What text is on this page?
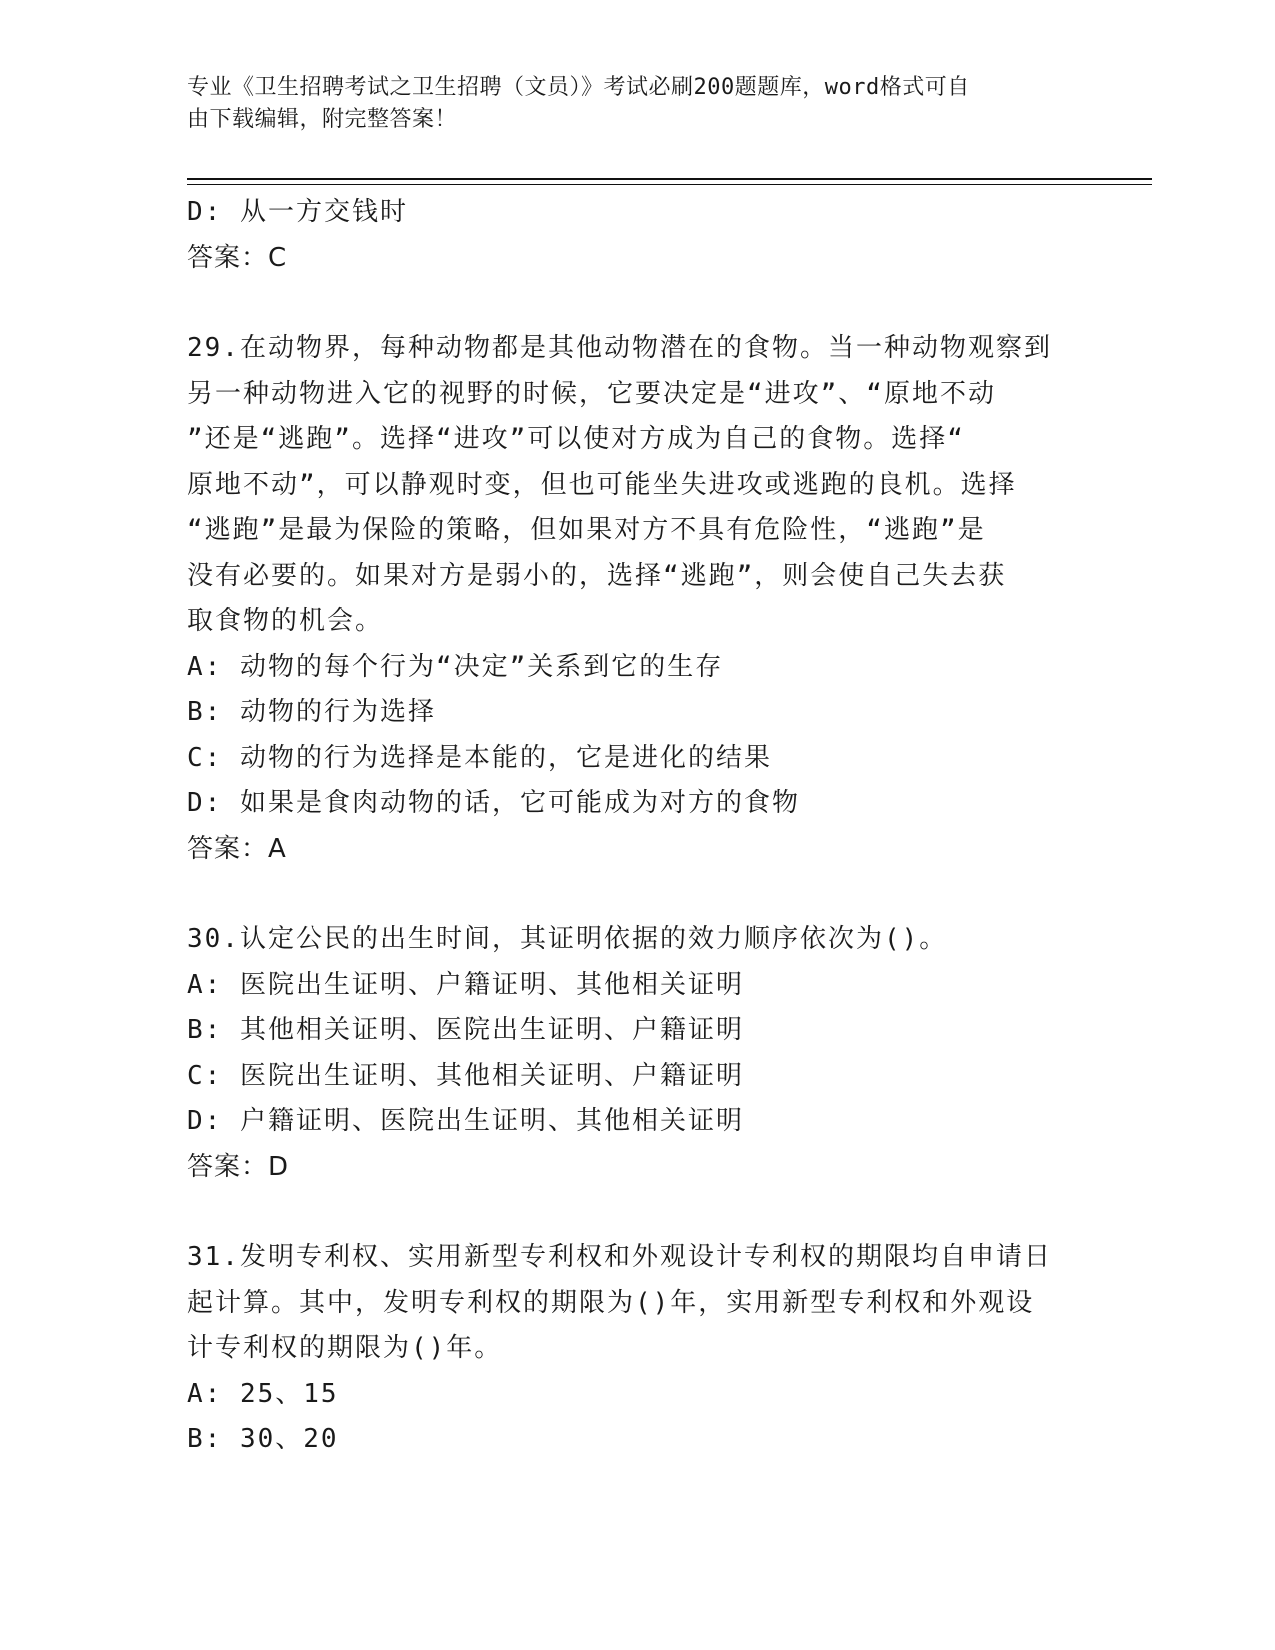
专业《卫生招聘考试之卫生招聘（文员）》考试必刷200题题库，word格式可自
由下载编辑，附完整答案！
D: 从一方交钱时
答案：C
29.在动物界，每种动物都是其他动物潜在的食物。当一种动物观察到
另一种动物进入它的视野的时候，它要决定是“进攻”、“原地不动
”还是“逃跑”。选择“进攻”可以使对方成为自己的食物。选择“
原地不动”，可以静观时变，但也可能坐失进攻或逃跑的良机。选择
“逃跑”是最为保险的策略，但如果对方不具有危险性，“逃跑”是
没有必要的。如果对方是弱小的，选择“逃跑”，则会使自己失去获
取食物的机会。
A: 动物的每个行为“决定”关系到它的生存
B: 动物的行为选择
C: 动物的行为选择是本能的，它是进化的结果
D: 如果是食肉动物的话，它可能成为对方的食物
答案：A
30.认定公民的出生时间，其证明依据的效力顺序依次为()。
A: 医院出生证明、户籍证明、其他相关证明
B: 其他相关证明、医院出生证明、户籍证明
C: 医院出生证明、其他相关证明、户籍证明
D: 户籍证明、医院出生证明、其他相关证明
答案：D
31.发明专利权、实用新型专利权和外观设计专利权的期限均自申请日
起计算。其中，发明专利权的期限为()年，实用新型专利权和外观设
计专利权的期限为()年。
A: 25、15
B: 30、20
